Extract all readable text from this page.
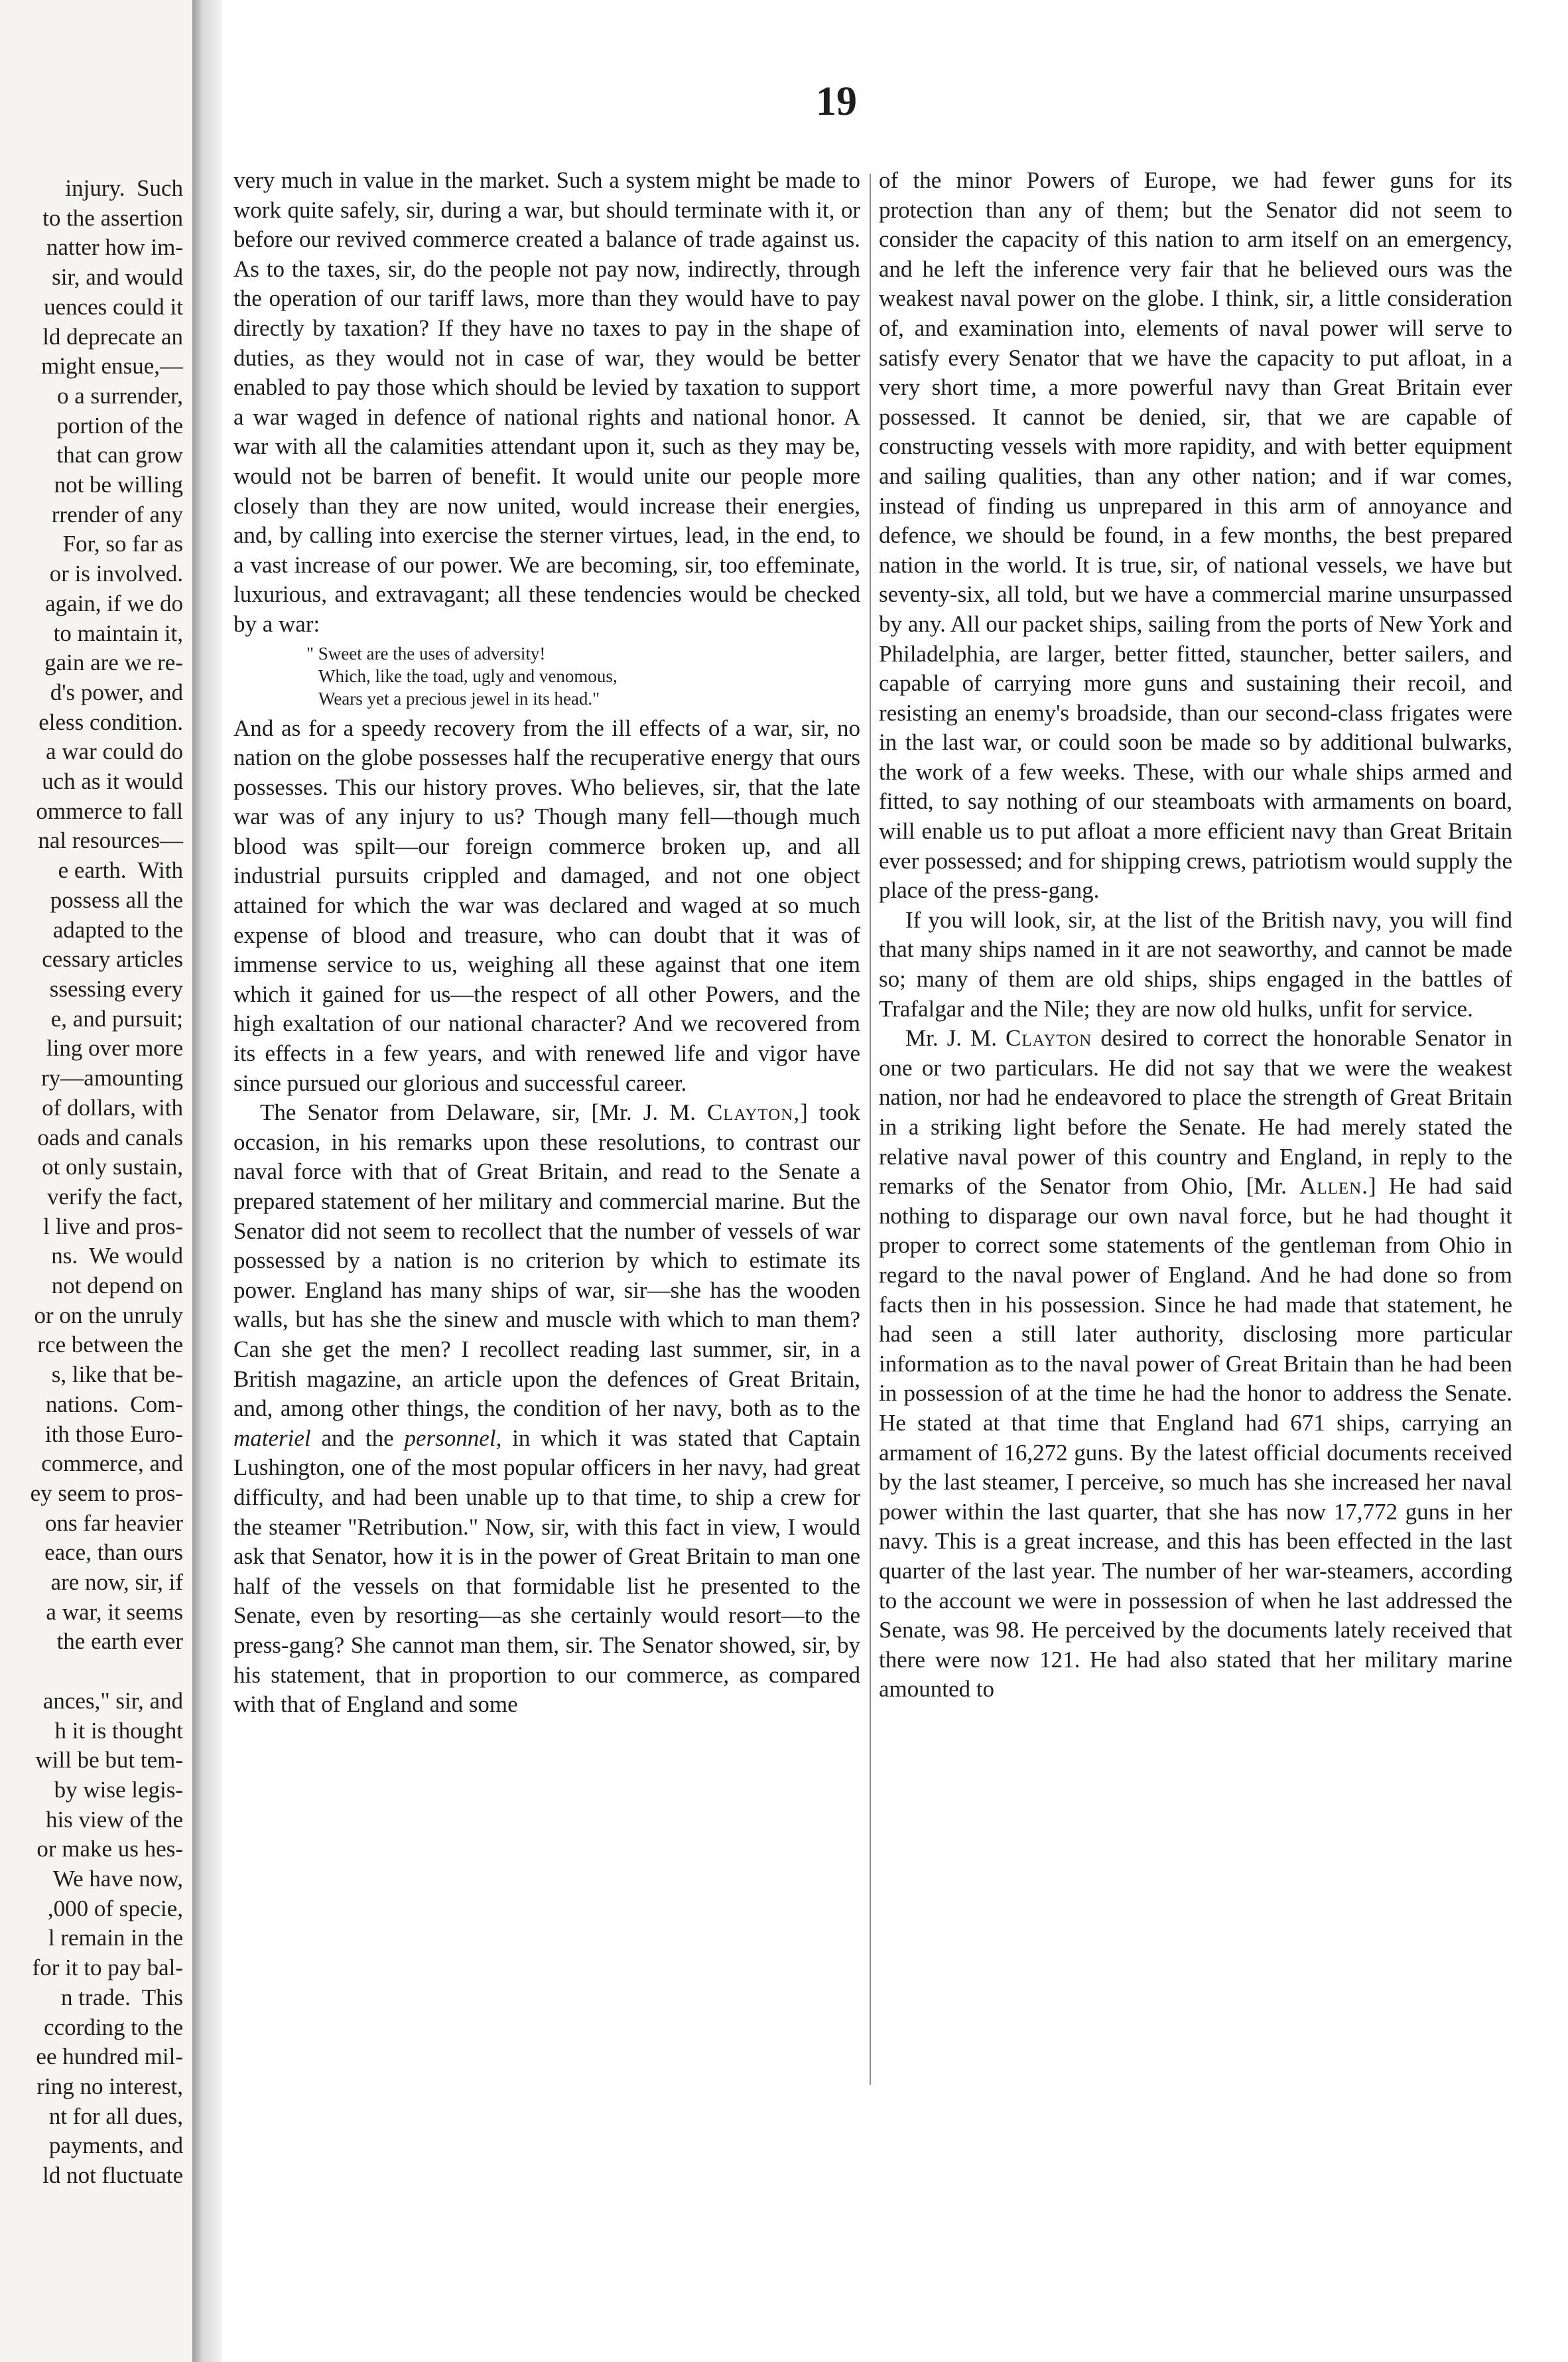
injury.  Such
to the assertion
natter how im-
sir, and would
uences could it
ld deprecate an
might ensue,—
o a surrender,
portion of the
that can grow
not be willing
rrender of any
For, so far as
or is involved.
again, if we do
to maintain it,
gain are we re-
d's power, and
eless condition.
a war could do
uch as it would
ommerce to fall
nal resources—
e earth.  With
possess all the
adapted to the
cessary articles
ssessing every
e, and pursuit;
ling over more
ry—amounting
of dollars, with
oads and canals
ot only sustain,
verify the fact,
l live and pros-
ns.  We would
not depend on
or on the unruly
rce between the
s, like that be-
nations.  Com-
ith those Euro-
commerce, and
ey seem to pros-
ons far heavier
eace, than ours
are now, sir, if
a war, it seems
the earth ever

ances," sir, and
h it is thought
will be but tem-
by wise legis-
his view of the
or make us hes-
We have now,
,000 of specie,
l remain in the
for it to pay bal-
n trade.  This
ccording to the
ee hundred mil-
ring no interest,
nt for all dues,
payments, and
ld not fluctuate
19

very much in value in the market. Such a system might be made to work quite safely, sir, during a war, but should terminate with it, or before our revived commerce created a balance of trade against us. As to the taxes, sir, do the people not pay now, indirectly, through the operation of our tariff laws, more than they would have to pay directly by taxation? If they have no taxes to pay in the shape of duties, as they would not in case of war, they would be better enabled to pay those which should be levied by taxation to support a war waged in defence of national rights and national honor. A war with all the calamities attendant upon it, such as they may be, would not be barren of benefit. It would unite our people more closely than they are now united, would increase their energies, and, by calling into exercise the sterner virtues, lead, in the end, to a vast increase of our power. We are becoming, sir, too effeminate, luxurious, and extravagant; all these tendencies would be checked by a war:

" Sweet are the uses of adversity!
Which, like the toad, ugly and venomous,
Wears yet a precious jewel in its head."

And as for a speedy recovery from the ill effects of a war, sir, no nation on the globe possesses half the recuperative energy that ours possesses. This our history proves. Who believes, sir, that the late war was of any injury to us? Though many fell—though much blood was spilt—our foreign commerce broken up, and all industrial pursuits crippled and damaged, and not one object attained for which the war was declared and waged at so much expense of blood and treasure, who can doubt that it was of immense service to us, weighing all these against that one item which it gained for us—the respect of all other Powers, and the high exaltation of our national character? And we recovered from its effects in a few years, and with renewed life and vigor have since pursued our glorious and successful career.

The Senator from Delaware, sir, [Mr. J. M. Clayton,] took occasion, in his remarks upon these resolutions, to contrast our naval force with that of Great Britain, and read to the Senate a prepared statement of her military and commercial marine. But the Senator did not seem to recollect that the number of vessels of war possessed by a nation is no criterion by which to estimate its power. England has many ships of war, sir—she has the wooden walls, but has she the sinew and muscle with which to man them? Can she get the men? I recollect reading last summer, sir, in a British magazine, an article upon the defences of Great Britain, and, among other things, the condition of her navy, both as to the materiel and the personnel, in which it was stated that Captain Lushington, one of the most popular officers in her navy, had great difficulty, and had been unable up to that time, to ship a crew for the steamer "Retribution." Now, sir, with this fact in view, I would ask that Senator, how it is in the power of Great Britain to man one half of the vessels on that formidable list he presented to the Senate, even by resorting—as she certainly would resort—to the press-gang? She cannot man them, sir. The Senator showed, sir, by his statement, that in proportion to our commerce, as compared with that of England and some

of the minor Powers of Europe, we had fewer guns for its protection than any of them; but the Senator did not seem to consider the capacity of this nation to arm itself on an emergency, and he left the inference very fair that he believed ours was the weakest naval power on the globe. I think, sir, a little consideration of, and examination into, elements of naval power will serve to satisfy every Senator that we have the capacity to put afloat, in a very short time, a more powerful navy than Great Britain ever possessed. It cannot be denied, sir, that we are capable of constructing vessels with more rapidity, and with better equipment and sailing qualities, than any other nation; and if war comes, instead of finding us unprepared in this arm of annoyance and defence, we should be found, in a few months, the best prepared nation in the world. It is true, sir, of national vessels, we have but seventy-six, all told, but we have a commercial marine unsurpassed by any. All our packet ships, sailing from the ports of New York and Philadelphia, are larger, better fitted, stauncher, better sailers, and capable of carrying more guns and sustaining their recoil, and resisting an enemy's broadside, than our second-class frigates were in the last war, or could soon be made so by additional bulwarks, the work of a few weeks. These, with our whale ships armed and fitted, to say nothing of our steamboats with armaments on board, will enable us to put afloat a more efficient navy than Great Britain ever possessed; and for shipping crews, patriotism would supply the place of the press-gang.

If you will look, sir, at the list of the British navy, you will find that many ships named in it are not seaworthy, and cannot be made so; many of them are old ships, ships engaged in the battles of Trafalgar and the Nile; they are now old hulks, unfit for service.

Mr. J. M. Clayton desired to correct the honorable Senator in one or two particulars. He did not say that we were the weakest nation, nor had he endeavored to place the strength of Great Britain in a striking light before the Senate. He had merely stated the relative naval power of this country and England, in reply to the remarks of the Senator from Ohio, [Mr. Allen.] He had said nothing to disparage our own naval force, but he had thought it proper to correct some statements of the gentleman from Ohio in regard to the naval power of England. And he had done so from facts then in his possession. Since he had made that statement, he had seen a still later authority, disclosing more particular information as to the naval power of Great Britain than he had been in possession of at the time he had the honor to address the Senate. He stated at that time that England had 671 ships, carrying an armament of 16,272 guns. By the latest official documents received by the last steamer, I perceive, so much has she increased her naval power within the last quarter, that she has now 17,772 guns in her navy. This is a great increase, and this has been effected in the last quarter of the last year. The number of her war-steamers, according to the account we were in possession of when he last addressed the Senate, was 98. He perceived by the documents lately received that there were now 121. He had also stated that her military marine amounted to
